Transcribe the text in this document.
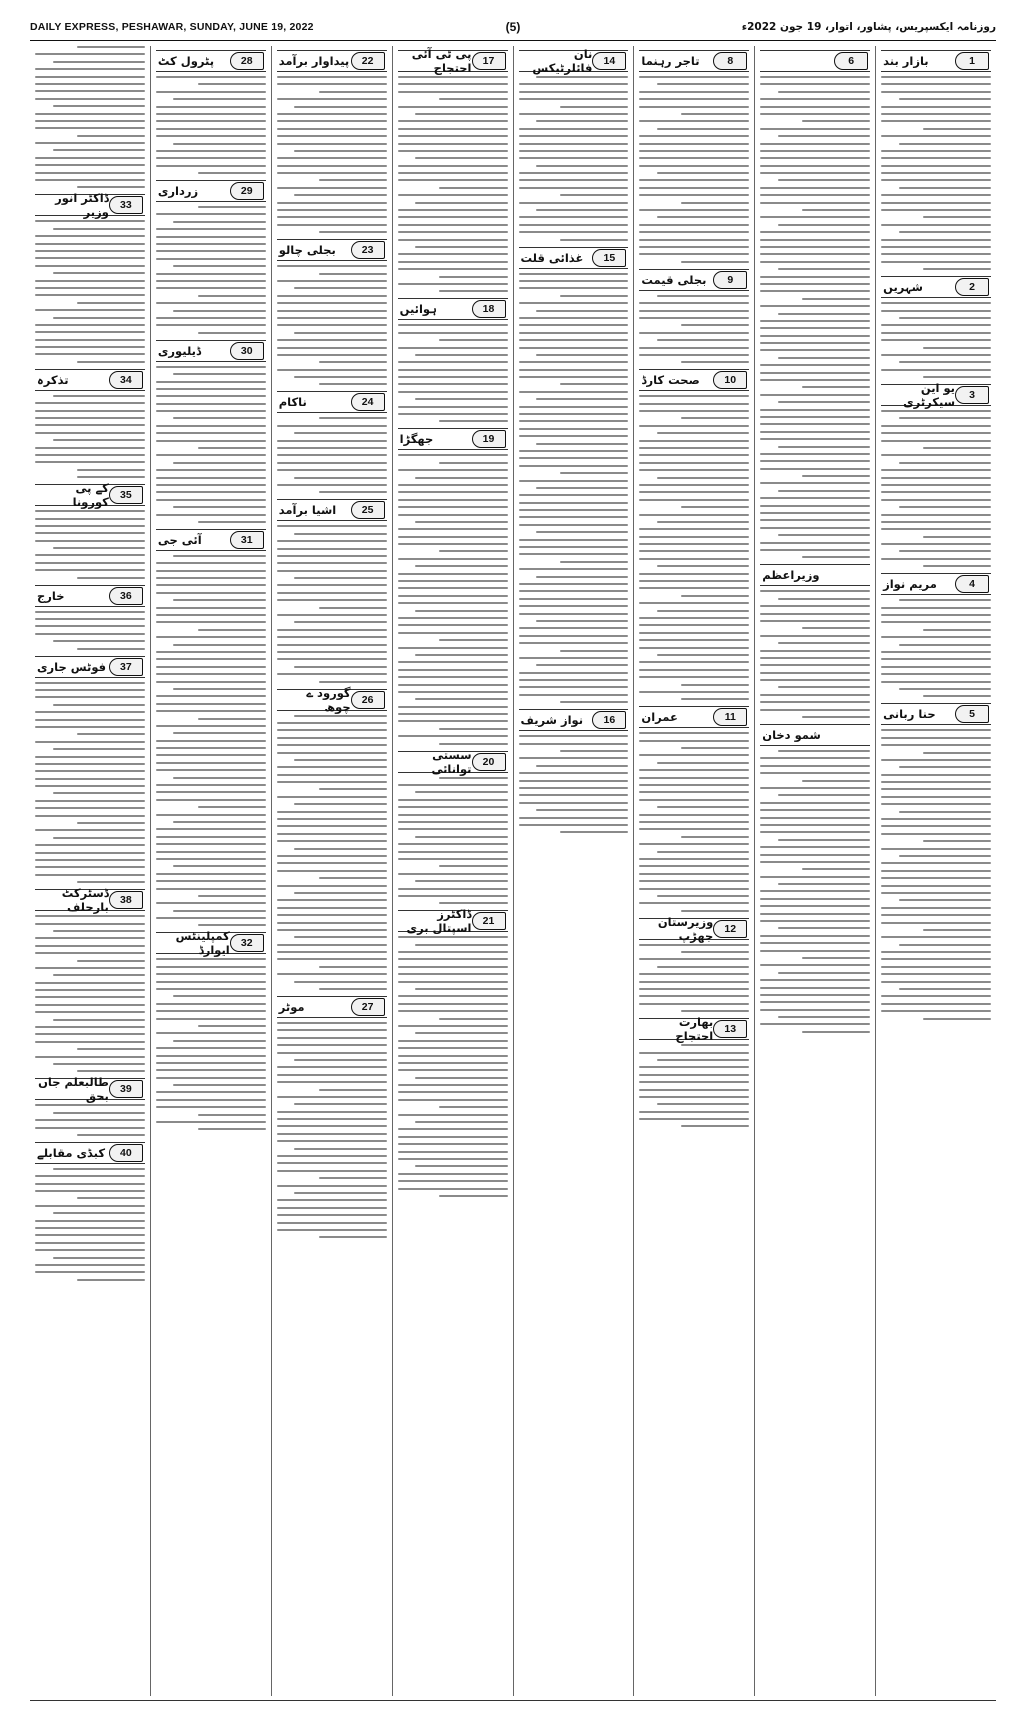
DAILY EXPRESS, PESHAWAR, SUNDAY, JUNE 19, 2022	(5)	روزنامہ ایکسپریس، پشاور، اتوار، 19 جون 2022ء
1
بازار بند
2
شہریں
3
یو این سیکرٹری
4
مریم نواز
5
حنا ربانی
6
وزیراعظم
شمو دخان
8
تاجر رہنما
9
بجلی قیمت
10
صحت کارڈ
11
عمران
12
وزیرستان جھڑپ
13
بھارت احتجاج
14
نان فائلرٹیکس
15
غذائی قلت
16
نواز شریف
17
پی ٹی آئی احتجاج
18
ہوائیں
19
جھگڑا
20
سستی توانائی
21
ڈاکٹرز اسپتال بری
22
پیداوار برآمد
23
بجلی چالو
24
ناکام
25
اشیا برآمد
26
گورود ے چوھ
27
موٹر
28
پٹرول کٹ
29
زرداری
30
ڈیلیوری
31
آئی جی
32
کمپلینٹس ایوارڈ
33
ڈاکٹر انور وزیر
34
تذکرہ
35
کے پی کورونا
36
خارج
37
فوٹس جاری
38
ڈسٹرکٹ بارحلف
39
طالبعلم جاں بحق
40
کبڈی مقابلے
